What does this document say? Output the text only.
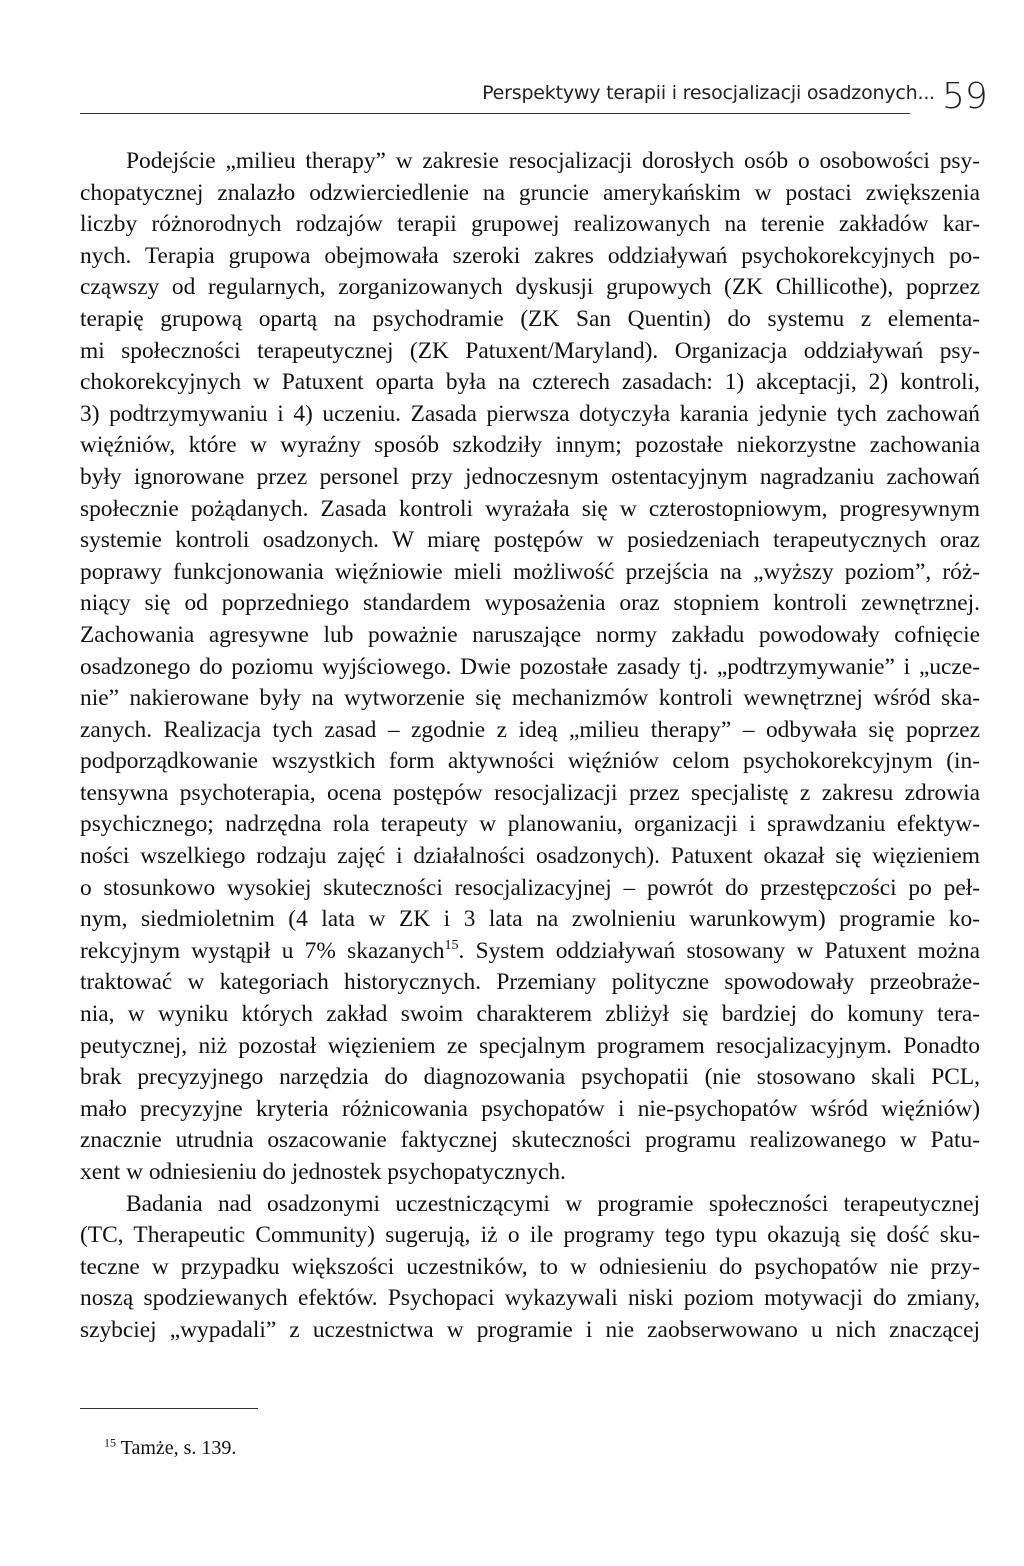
Perspektywy terapii i resocjalizacji osadzonych... 59
Podejście „milieu therapy” w zakresie resocjalizacji dorosłych osób o osobowości psy-
chopatycznej znalazło odzwierciedlenie na gruncie amerykańskim w postaci zwiększenia
liczby różnorodnych rodzajów terapii grupowej realizowanych na terenie zakładów kar-
nych. Terapia grupowa obejmowała szeroki zakres oddziaływań psychokorekcyjnych po-
cząwszy od regularnych, zorganizowanych dyskusji grupowych (ZK Chillicothe), poprzez
terapię grupową opartą na psychodramie (ZK San Quentin) do systemu z elementa-
mi społeczności terapeutycznej (ZK Patuxent/Maryland). Organizacja oddziaływań psy-
chokorekcyjnych w Patuxent oparta była na czterech zasadach: 1) akceptacji, 2) kontroli,
3) podtrzymywaniu i 4) uczeniu. Zasada pierwsza dotyczyła karania jedynie tych zachowań
więźniów, które w wyraźny sposób szkodziły innym; pozostałe niekorzystne zachowania
były ignorowane przez personel przy jednoczesnym ostentacyjnym nagradzaniu zachowań
społecznie pożądanych. Zasada kontroli wyrażała się w czterostopniowym, progresywnym
systemie kontroli osadzonych. W miarę postępów w posiedzeniach terapeutycznych oraz
poprawy funkcjonowania więźniowie mieli możliwość przejścia na „wyższy poziom”, róż-
niący się od poprzedniego standardem wyposażenia oraz stopniem kontroli zewnętrznej.
Zachowania agresywne lub poważnie naruszające normy zakładu powodowały cofnięcie
osadzonego do poziomu wyjściowego. Dwie pozostałe zasady tj. „podtrzymywanie” i „ucze-
nie” nakierowane były na wytworzenie się mechanizmów kontroli wewnętrznej wśród ska-
zanych. Realizacja tych zasad – zgodnie z ideą „milieu therapy” – odbywała się poprzez
podporządkowanie wszystkich form aktywności więźniów celom psychokorekcyjnym (in-
tensywna psychoterapia, ocena postępów resocjalizacji przez specjalistę z zakresu zdrowia
psychicznego; nadrzędna rola terapeuty w planowaniu, organizacji i sprawdzaniu efektyw-
ności wszelkiego rodzaju zajęć i działalności osadzonych). Patuxent okazał się więzieniem
o stosunkowo wysokiej skuteczności resocjalizacyjnej – powrót do przestępczości po peł-
nym, siedmioletnim (4 lata w ZK i 3 lata na zwolnieniu warunkowym) programie ko-
rekcyjnym wystąpił u 7% skazanych$^{15}$. System oddziaływań stosowany w Patuxent można
traktować w kategoriach historycznych. Przemiany polityczne spowodowały przeobraże-
nia, w wyniku których zakład swoim charakterem zbliżył się bardziej do komuny tera-
peutycznej, niż pozostał więzieniem ze specjalnym programem resocjalizacyjnym. Ponadto
brak precyzyjnego narzędzia do diagnozowania psychopatii (nie stosowano skali PCL,
mało precyzyjne kryteria różnicowania psychopatów i nie-psychopatów wśród więźniów)
znacznie utrudnia oszacowanie faktycznej skuteczności programu realizowanego w Patu-
xent w odniesieniu do jednostek psychopatycznych.
Badania nad osadzonymi uczestniczącymi w programie społeczności terapeutycznej
(TC, Therapeutic Community) sugerują, iż o ile programy tego typu okazują się dość sku-
teczne w przypadku większości uczestników, to w odniesieniu do psychopatów nie przy-
noszą spodziewanych efektów. Psychopaci wykazywali niski poziom motywacji do zmiany,
szybciej „wypadali” z uczestnictwa w programie i nie zaobserwowano u nich znaczącej
$^{15}$ Tamże, s. 139.
